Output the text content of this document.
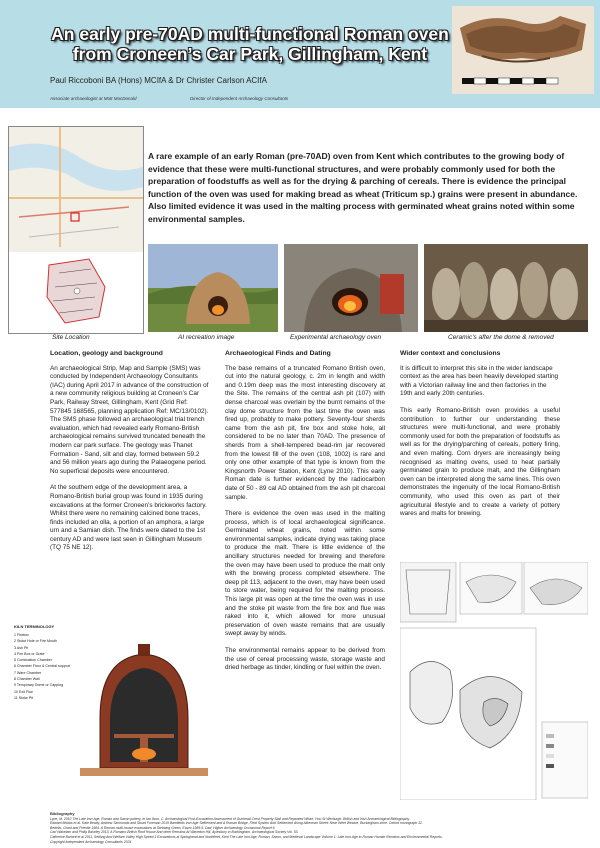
An early pre-70AD multi-functional Roman oven from Croneen’s Car Park, Gillingham, Kent
Paul Riccoboni BA (Hons) MCIfA & Dr Christer Carlson ACIfA
Associate archaeologist at Mott MacDonald	Director of Independent Archaeology Consultants
A rare example of an early Roman (pre-70AD) oven from Kent which contributes to the growing body of evidence that these were multi-functional structures, and were probably commonly used for both the preparation of foodstuffs as well as for the drying & parching of cereals. There is evidence the principal function of the oven was used for making bread as wheat (Triticum sp.) grains were present in abundance. Also limited evidence it was used in the malting process with germinated wheat grains noted within some environmental samples.
Site Location	AI recreation image	Experimental archaeology oven	Ceramic’s after the dome & removed
Location, geology and background

An archaeological Strip, Map and Sample (SMS) was conducted by Independent Archaeology Consultants (IAC) during April 2017 in advance of the construction of a new community religious building at Croneen’s Car Park, Railway Street, Gillingham, Kent (Grid Ref: 577845 168565, planning application Ref: MC/13/0102). The SMS phase followed an archaeological trial trench evaluation, which had revealed early Romano-British archaeological remains survived truncated beneath the modern car park surface. The geology was Thanet Formation - Sand, silt and clay, formed between 59.2 and 56 million years ago during the Palaeogene period. No superficial deposits were encountered.

At the southern edge of the development area, a Romano-British burial group was found in 1935 during excavations at the former Croneen’s brickworks factory. Whilst there were no remaining calcined bone traces, finds included an olla, a portion of an amphora, a large urn and a Samian dish. The finds were dated to the 1st century AD and were last seen in Gillingham Museum (TQ 75 NE 12).

KILN TERMINOLOGY
1 Firebox
2 Stoke Hole or Fire Mouth
3 Ash Pit
4 Fire Box or Grate
5 Combustion Chamber
6 Chamber Floor & Central support
7 Ware Chamber
8 Chamber Wall
9 Temporary Dome or Capping
10 Exit Flue
11 Stoke Pit
Archaeological Finds and Dating

The base remains of a truncated Romano British oven, cut into the natural geology, c. 2m in length and width and 0.19m deep was the most interesting discovery at the Site. The remains of the central ash pit (107) with dense charcoal was overlain by the burnt remains of the clay dome structure from the last time the oven was fired up, probably to make pottery. Seventy-four sherds came from the ash pit, fire box and stoke hole, all considered to be no later than 70AD. The presence of sherds from a shell-tempered bead-rim jar recovered from the lowest fill of the oven (108, 1002) is rare and only one other example of that type is known from the Kingsnorth Power Station, Kent (Lyne 2010). This early Roman date is further evidenced by the radiocarbon date of 50 - 89 cal AD obtained from the ash pit charcoal sample.

There is evidence the oven was used in the malting process, which is of local archaeological significance. Germinated wheat grains, noted within some environmental samples, indicate drying was taking place to produce the malt. There is little evidence of the ancillary structures needed for brewing and therefore the oven may have been used to produce the malt only with the brewing process completed elsewhere. The deep pit 113, adjacent to the oven, may have been used to store water, being required for the malting process. This large pit was open at the time the oven was in use and the stoke pit waste from the fire box and flue was raked into it, which allowed for more unusual preservation of oven waste remains that are usually swept away by winds.

The environmental remains appear to be derived from the use of cereal processing waste, storage waste and dried herbage as tinder, kindling or fuel within the oven.

Wider context and conclusions

It is difficult to interpret this site in the wider landscape context as the area has been heavily developed starting with a Victorian railway line and then factories in the 19th and early 20th centuries.

This early Romano-British oven provides a useful contribution to further our understanding these structures were multi-functional, and were probably commonly used for both the preparation of foodstuffs as well as for the drying/parching of cereals, pottery firing, and even malting. Corn dryers are increasingly being recognised as malting ovens, used to heat partially germinated grain to produce malt, and the Gillingham oven can be interpreted along the same lines. This oven demonstrates the ingenuity of the local Romano-British community, who used this oven as part of their agricultural lifestyle and to create a variety of pottery wares and malts for brewing.

Bibliography
Lyne, M. 2010 The Late Iron Age, Roman and Saxon pottery; in Ian Ilson, C. Archaeological Post-Excavation Assessment of Gunhead Crest Property Stall and Repeated Wharf, Hoo St Werburgh. British and Irish Archaeological Bibliography.
Edward Mobbs et al. Kate Beatty, Andrew Simmonds and Stuart Foreman 2019 Bamfields Iron Age Settlement and A Roman Bridge, Field System And Settlement Along Alkerman Street: Near Weet Westoe, Buckingham shire. Oxford monograph 32.
Bedello, Grant and Priestle 1984. A Roman multi-house excavations at Stebbing Green, Essex 1989-9. Dad; Higher Archaeology Occasional Report 6.
Carl Wakelam and Philip Baseley 2013, A Romano-British Roof House And other Remains At Wavedon Hill, Aylesbury in Buckingham. Archaeological Society Vol. 53.
Catherine Barnett et al 2011, Settling And Welfare Valley High Speed 1 Excavations at Springhead and Northfleet, Kent The Late Iron Age, Roman, Saxon, and Medieval Landscape Volume 1: Late Iron Age to Roman Human Remains and Environmental Reports.
Copyright Independent Archaeology Consultants 2024
